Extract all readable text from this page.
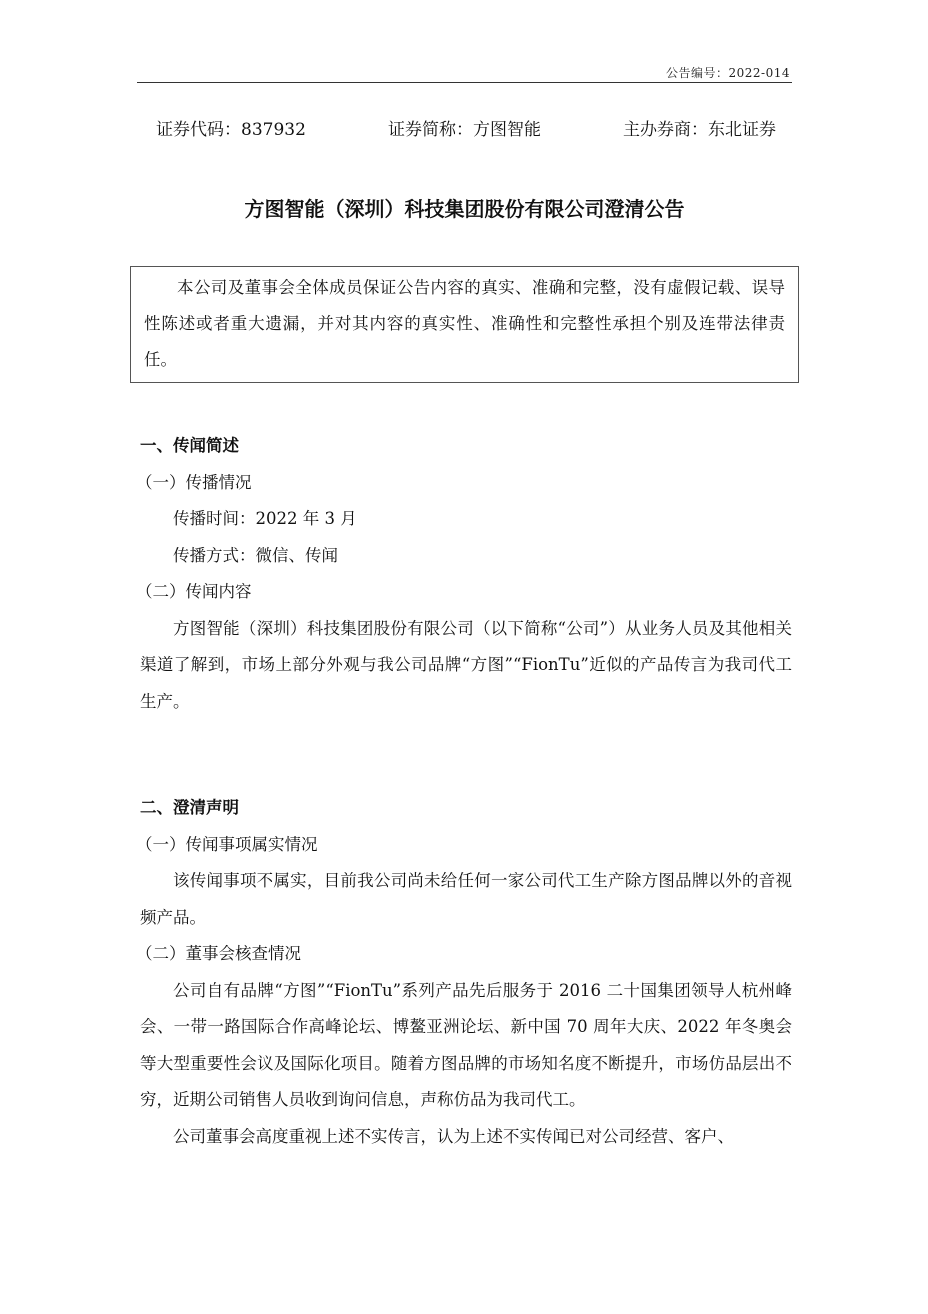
公告编号：2022-014
证券代码：837932	证券简称：方图智能	主办券商：东北证券
方图智能（深圳）科技集团股份有限公司澄清公告

本公司及董事会全体成员保证公告内容的真实、准确和完整，没有虚假记载、误导性陈述或者重大遗漏，并对其内容的真实性、准确性和完整性承担个别及连带法律责任。

一、传闻简述

（一）传播情况

传播时间：2022 年 3 月

传播方式：微信、传闻

（二）传闻内容

方图智能（深圳）科技集团股份有限公司（以下简称“公司”）从业务人员及其他相关渠道了解到，市场上部分外观与我公司品牌“方图”“FionTu”近似的产品传言为我司代工生产。

二、澄清声明

（一）传闻事项属实情况

该传闻事项不属实，目前我公司尚未给任何一家公司代工生产除方图品牌以外的音视频产品。

（二）董事会核查情况

公司自有品牌“方图”“FionTu”系列产品先后服务于 2016 二十国集团领导人杭州峰会、一带一路国际合作高峰论坛、博鳌亚洲论坛、新中国 70 周年大庆、2022 年冬奥会等大型重要性会议及国际化项目。随着方图品牌的市场知名度不断提升，市场仿品层出不穷，近期公司销售人员收到询问信息，声称仿品为我司代工。

公司董事会高度重视上述不实传言，认为上述不实传闻已对公司经营、客户、
